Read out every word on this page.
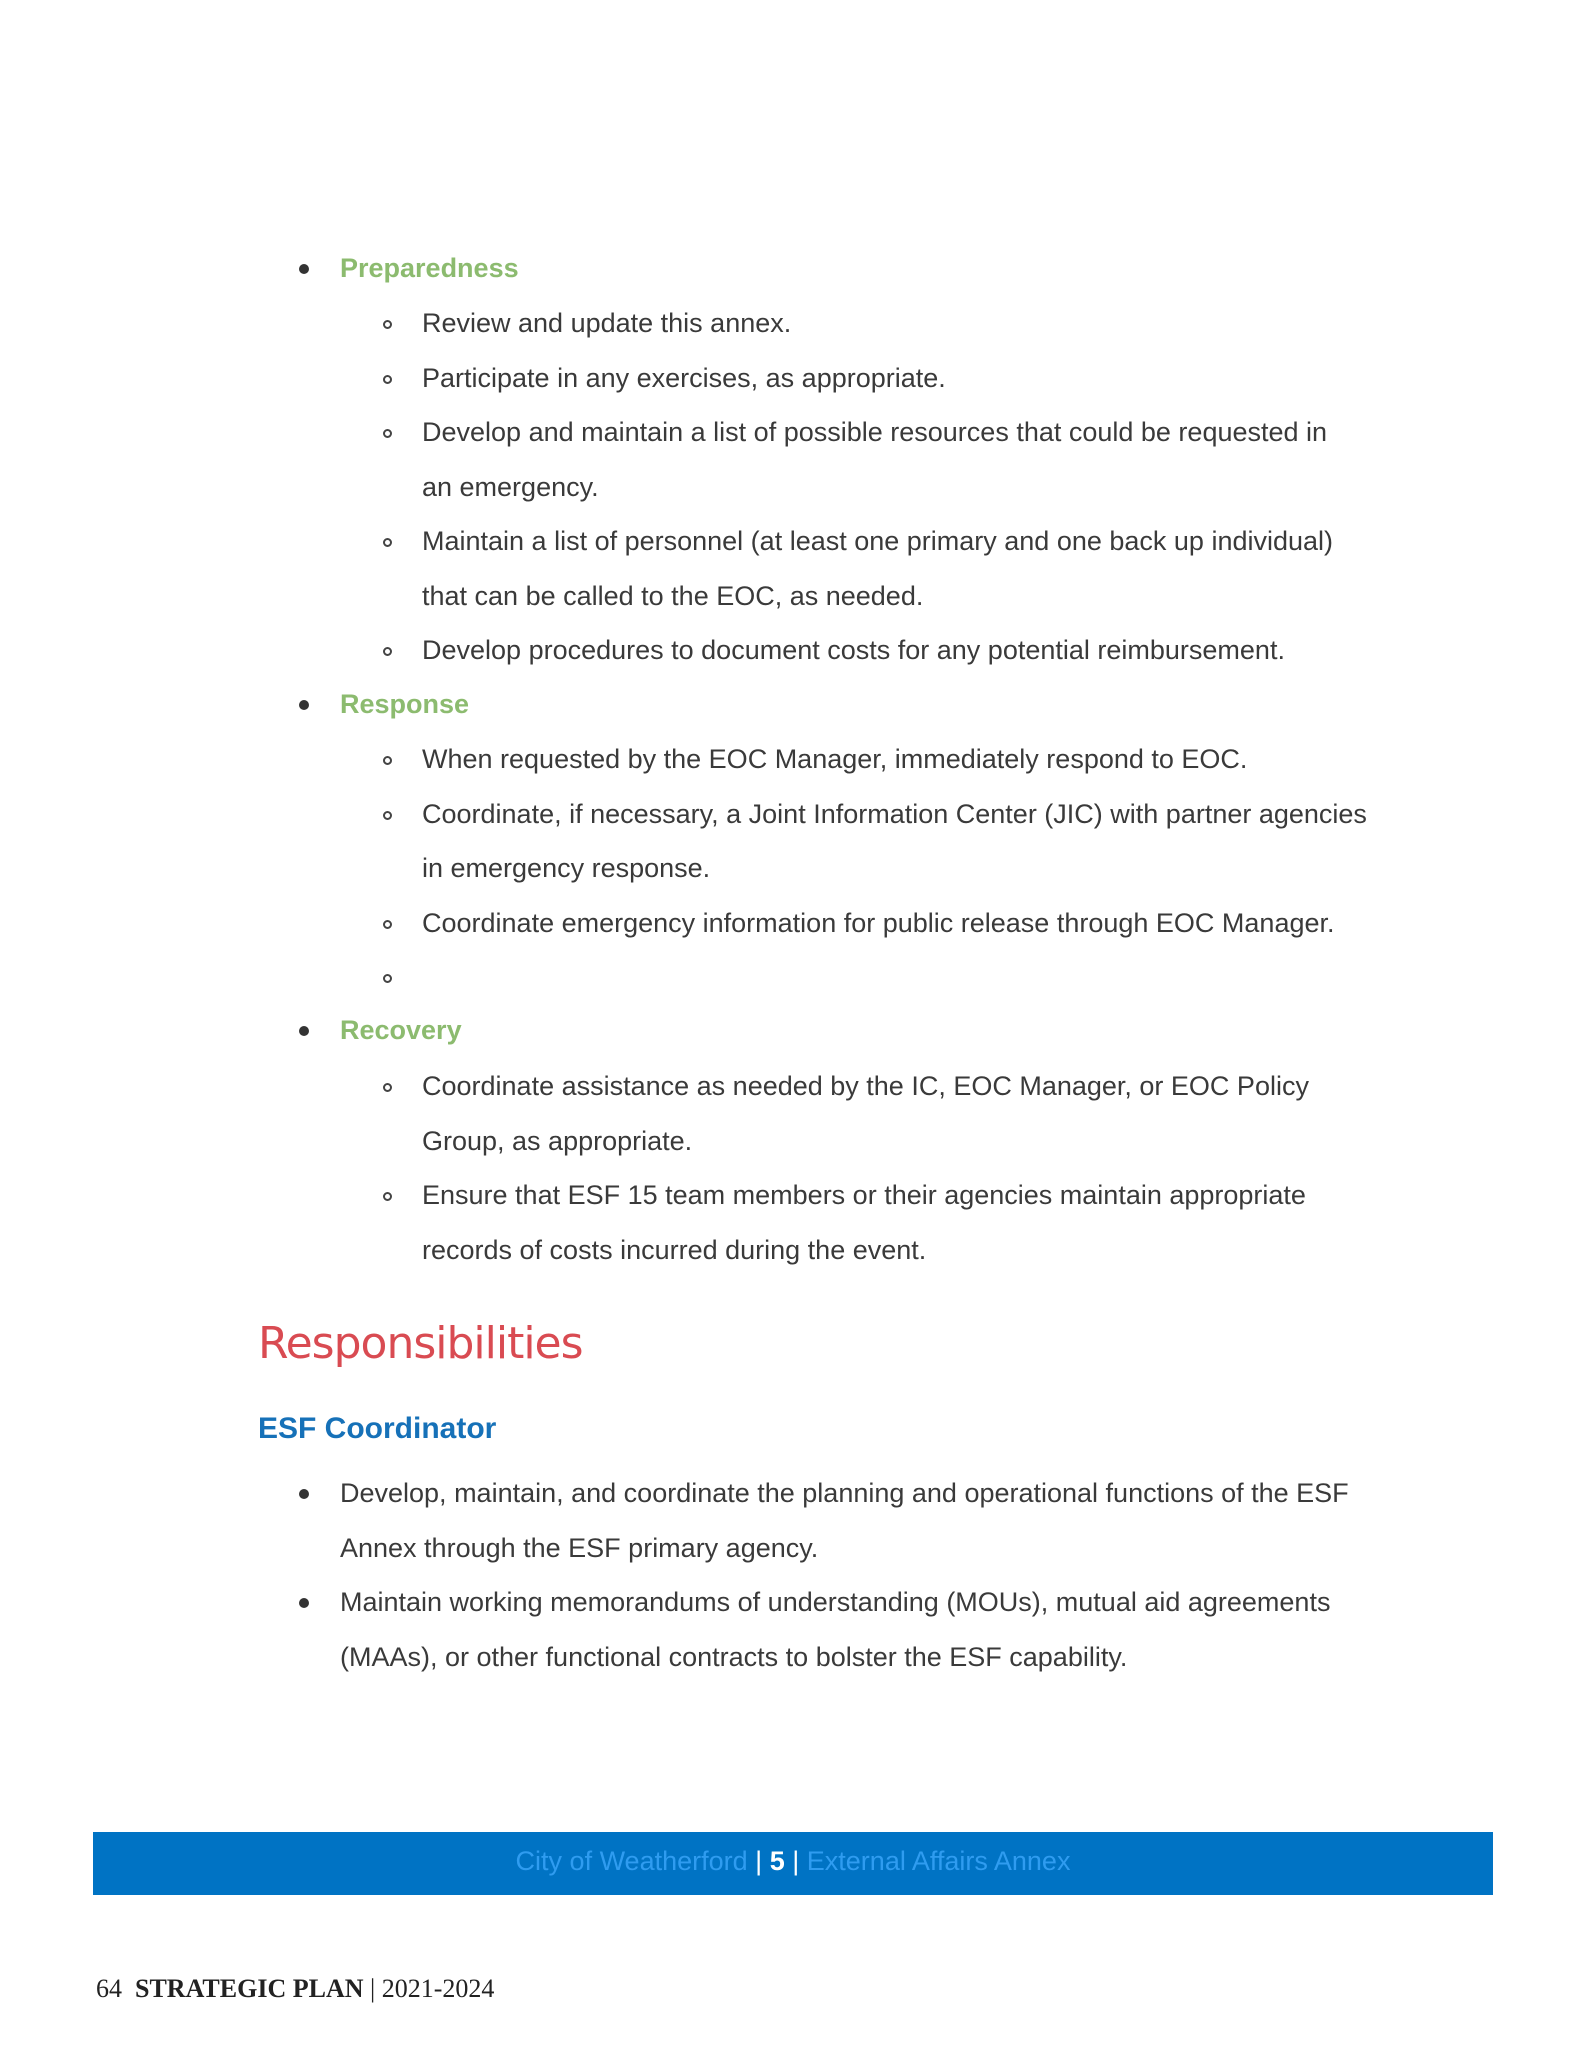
Preparedness
Review and update this annex.
Participate in any exercises, as appropriate.
Develop and maintain a list of possible resources that could be requested in
an emergency.
Maintain a list of personnel (at least one primary and one back up individual)
that can be called to the EOC, as needed.
Develop procedures to document costs for any potential reimbursement.
Response
When requested by the EOC Manager, immediately respond to EOC.
Coordinate, if necessary, a Joint Information Center (JIC) with partner agencies
in emergency response.
Coordinate emergency information for public release through EOC Manager.
Recovery
Coordinate assistance as needed by the IC, EOC Manager, or EOC Policy
Group, as appropriate.
Ensure that ESF 15 team members or their agencies maintain appropriate
records of costs incurred during the event.
Responsibilities
ESF Coordinator
Develop, maintain, and coordinate the planning and operational functions of the ESF
Annex through the ESF primary agency.
Maintain working memorandums of understanding (MOUs), mutual aid agreements
(MAAs), or other functional contracts to bolster the ESF capability.
City of Weatherford | 5 | External Affairs Annex
64 STRATEGIC PLAN | 2021-2024
